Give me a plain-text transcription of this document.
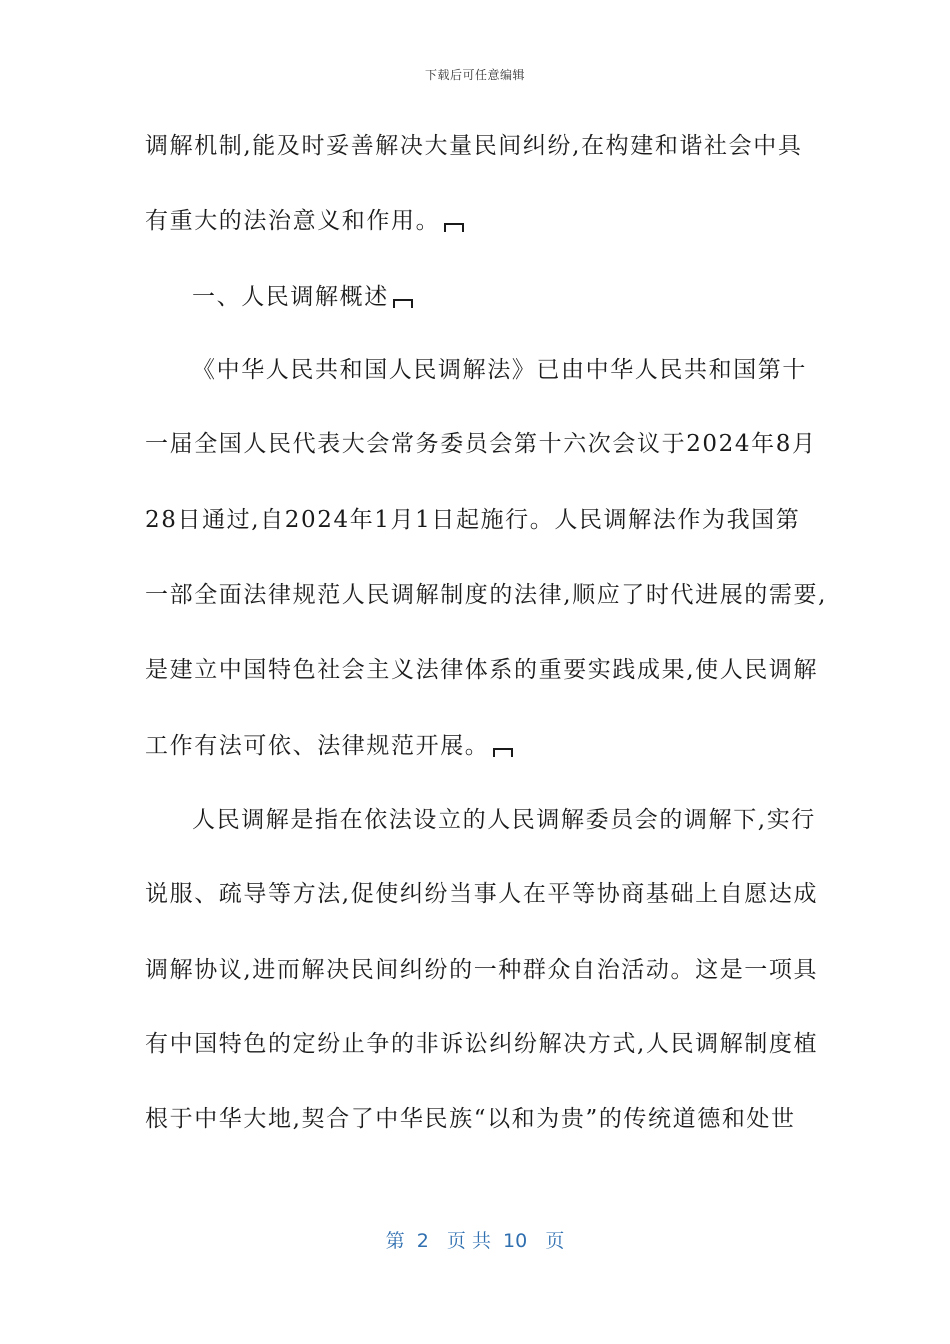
下载后可任意编辑
调解机制,能及时妥善解决大量民间纠纷,在构建和谐社会中具
有重大的法治意义和作用。
一、人民调解概述
《中华人民共和国人民调解法》已由中华人民共和国第十
一届全国人民代表大会常务委员会第十六次会议于2024年8月
28日通过,自2024年1月1日起施行。人民调解法作为我国第
一部全面法律规范人民调解制度的法律,顺应了时代进展的需要,
是建立中国特色社会主义法律体系的重要实践成果,使人民调解
工作有法可依、法律规范开展。
人民调解是指在依法设立的人民调解委员会的调解下,实行
说服、疏导等方法,促使纠纷当事人在平等协商基础上自愿达成
调解协议,进而解决民间纠纷的一种群众自治活动。这是一项具
有中国特色的定纷止争的非诉讼纠纷解决方式,人民调解制度植
根于中华大地,契合了中华民族“以和为贵”的传统道德和处世
第  2   页 共  10   页
